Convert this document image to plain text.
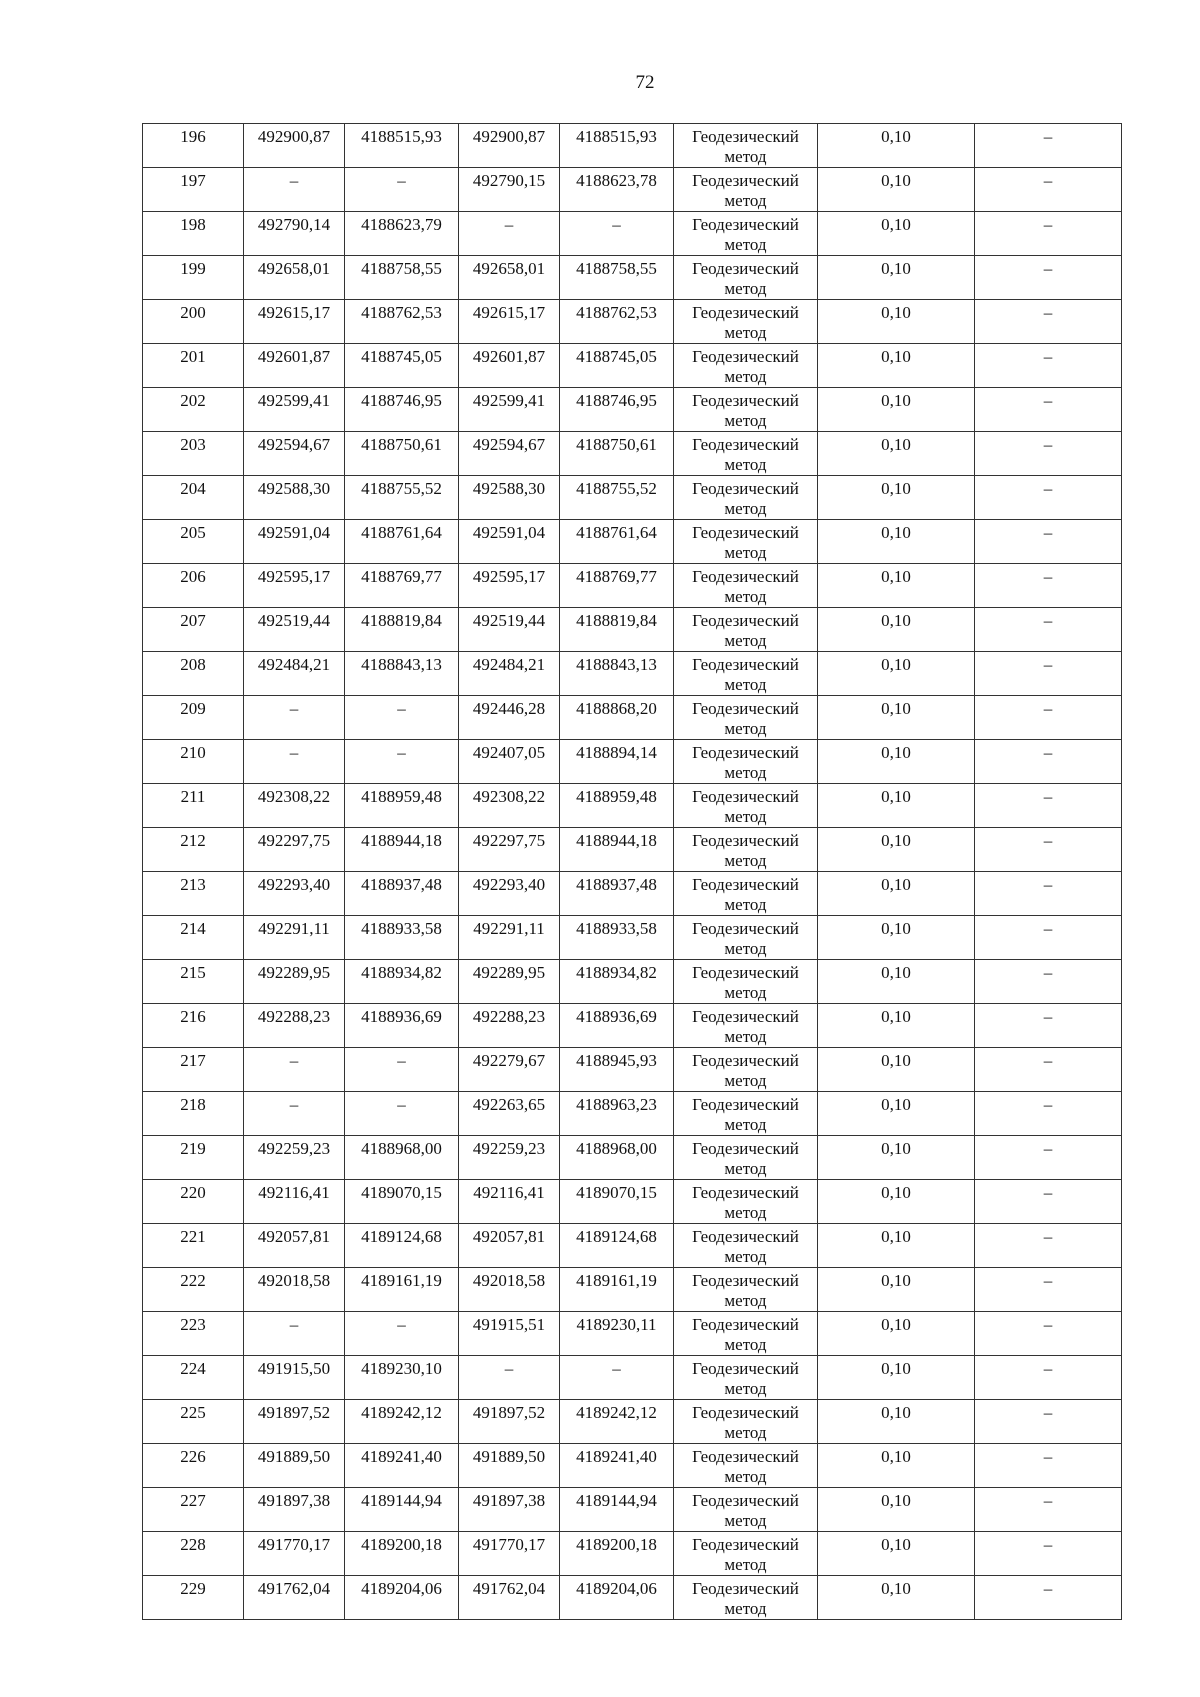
72
196	492900,87	4188515,93	492900,87	4188515,93	Геодезический метод	0,10	–
197	–	–	492790,15	4188623,78	Геодезический метод	0,10	–
198	492790,14	4188623,79	–	–	Геодезический метод	0,10	–
199	492658,01	4188758,55	492658,01	4188758,55	Геодезический метод	0,10	–
200	492615,17	4188762,53	492615,17	4188762,53	Геодезический метод	0,10	–
201	492601,87	4188745,05	492601,87	4188745,05	Геодезический метод	0,10	–
202	492599,41	4188746,95	492599,41	4188746,95	Геодезический метод	0,10	–
203	492594,67	4188750,61	492594,67	4188750,61	Геодезический метод	0,10	–
204	492588,30	4188755,52	492588,30	4188755,52	Геодезический метод	0,10	–
205	492591,04	4188761,64	492591,04	4188761,64	Геодезический метод	0,10	–
206	492595,17	4188769,77	492595,17	4188769,77	Геодезический метод	0,10	–
207	492519,44	4188819,84	492519,44	4188819,84	Геодезический метод	0,10	–
208	492484,21	4188843,13	492484,21	4188843,13	Геодезический метод	0,10	–
209	–	–	492446,28	4188868,20	Геодезический метод	0,10	–
210	–	–	492407,05	4188894,14	Геодезический метод	0,10	–
211	492308,22	4188959,48	492308,22	4188959,48	Геодезический метод	0,10	–
212	492297,75	4188944,18	492297,75	4188944,18	Геодезический метод	0,10	–
213	492293,40	4188937,48	492293,40	4188937,48	Геодезический метод	0,10	–
214	492291,11	4188933,58	492291,11	4188933,58	Геодезический метод	0,10	–
215	492289,95	4188934,82	492289,95	4188934,82	Геодезический метод	0,10	–
216	492288,23	4188936,69	492288,23	4188936,69	Геодезический метод	0,10	–
217	–	–	492279,67	4188945,93	Геодезический метод	0,10	–
218	–	–	492263,65	4188963,23	Геодезический метод	0,10	–
219	492259,23	4188968,00	492259,23	4188968,00	Геодезический метод	0,10	–
220	492116,41	4189070,15	492116,41	4189070,15	Геодезический метод	0,10	–
221	492057,81	4189124,68	492057,81	4189124,68	Геодезический метод	0,10	–
222	492018,58	4189161,19	492018,58	4189161,19	Геодезический метод	0,10	–
223	–	–	491915,51	4189230,11	Геодезический метод	0,10	–
224	491915,50	4189230,10	–	–	Геодезический метод	0,10	–
225	491897,52	4189242,12	491897,52	4189242,12	Геодезический метод	0,10	–
226	491889,50	4189241,40	491889,50	4189241,40	Геодезический метод	0,10	–
227	491897,38	4189144,94	491897,38	4189144,94	Геодезический метод	0,10	–
228	491770,17	4189200,18	491770,17	4189200,18	Геодезический метод	0,10	–
229	491762,04	4189204,06	491762,04	4189204,06	Геодезический метод	0,10	–
